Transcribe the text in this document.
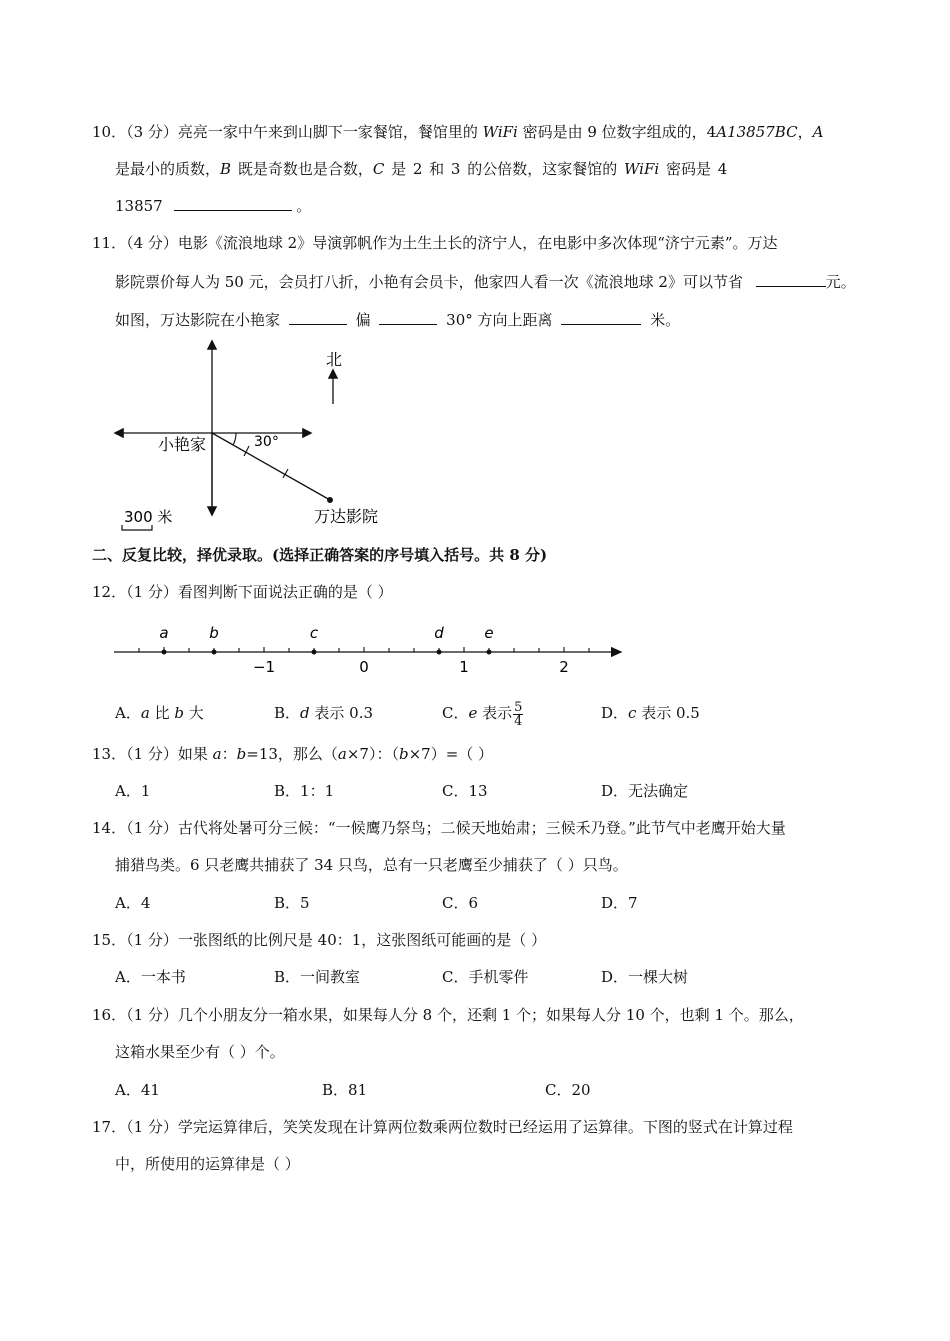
10．（3 分）亮亮一家中午来到山脚下一家餐馆，餐馆里的 WiFi 密码是由 9 位数字组成的，4A13857BC，A
是最小的质数，B 既是奇数也是合数，C 是 2 和 3 的公倍数，这家餐馆的 WiFi 密码是 4
13857	。
11．（4 分）电影《流浪地球 2》导演郭帆作为土生土长的济宁人，在电影中多次体现“济宁元素”。万达
影院票价每人为 50 元，会员打八折，小艳有会员卡，他家四人看一次《流浪地球 2》可以节省	元。
如图，万达影院在小艳家	偏	30° 方向上距离	米。
北
30°
小艳家
万达影院
300 米
二、反复比较，择优录取。(选择正确答案的序号填入括号。共 8 分)
12．（1 分）看图判断下面说法正确的是（ ）
−1	0	1	2
a	b	c	d	e
A．a 比 b 大	B．d 表示 0.3	C．e 表示 $\frac{5}{4}$	D．c 表示 0.5
13．（1 分）如果 a：b=13，那么（a×7）：（b×7）=（ ）
A．1	B．1：1	C．13	D．无法确定
14．（1 分）古代将处暑可分三候：“一候鹰乃祭鸟；二候天地始肃；三候禾乃登。”此节气中老鹰开始大量
捕猎鸟类。6 只老鹰共捕获了 34 只鸟，总有一只老鹰至少捕获了（ ）只鸟。
A．4	B．5	C．6	D．7
15．（1 分）一张图纸的比例尺是 40：1，这张图纸可能画的是（ ）
A．一本书	B．一间教室	C．手机零件	D．一棵大树
16．（1 分）几个小朋友分一箱水果，如果每人分 8 个，还剩 1 个；如果每人分 10 个，也剩 1 个。那么，
这箱水果至少有（ ）个。
A．41	B．81	C．20
17．（1 分）学完运算律后，笑笑发现在计算两位数乘两位数时已经运用了运算律。下图的竖式在计算过程
中，所使用的运算律是（ ）
